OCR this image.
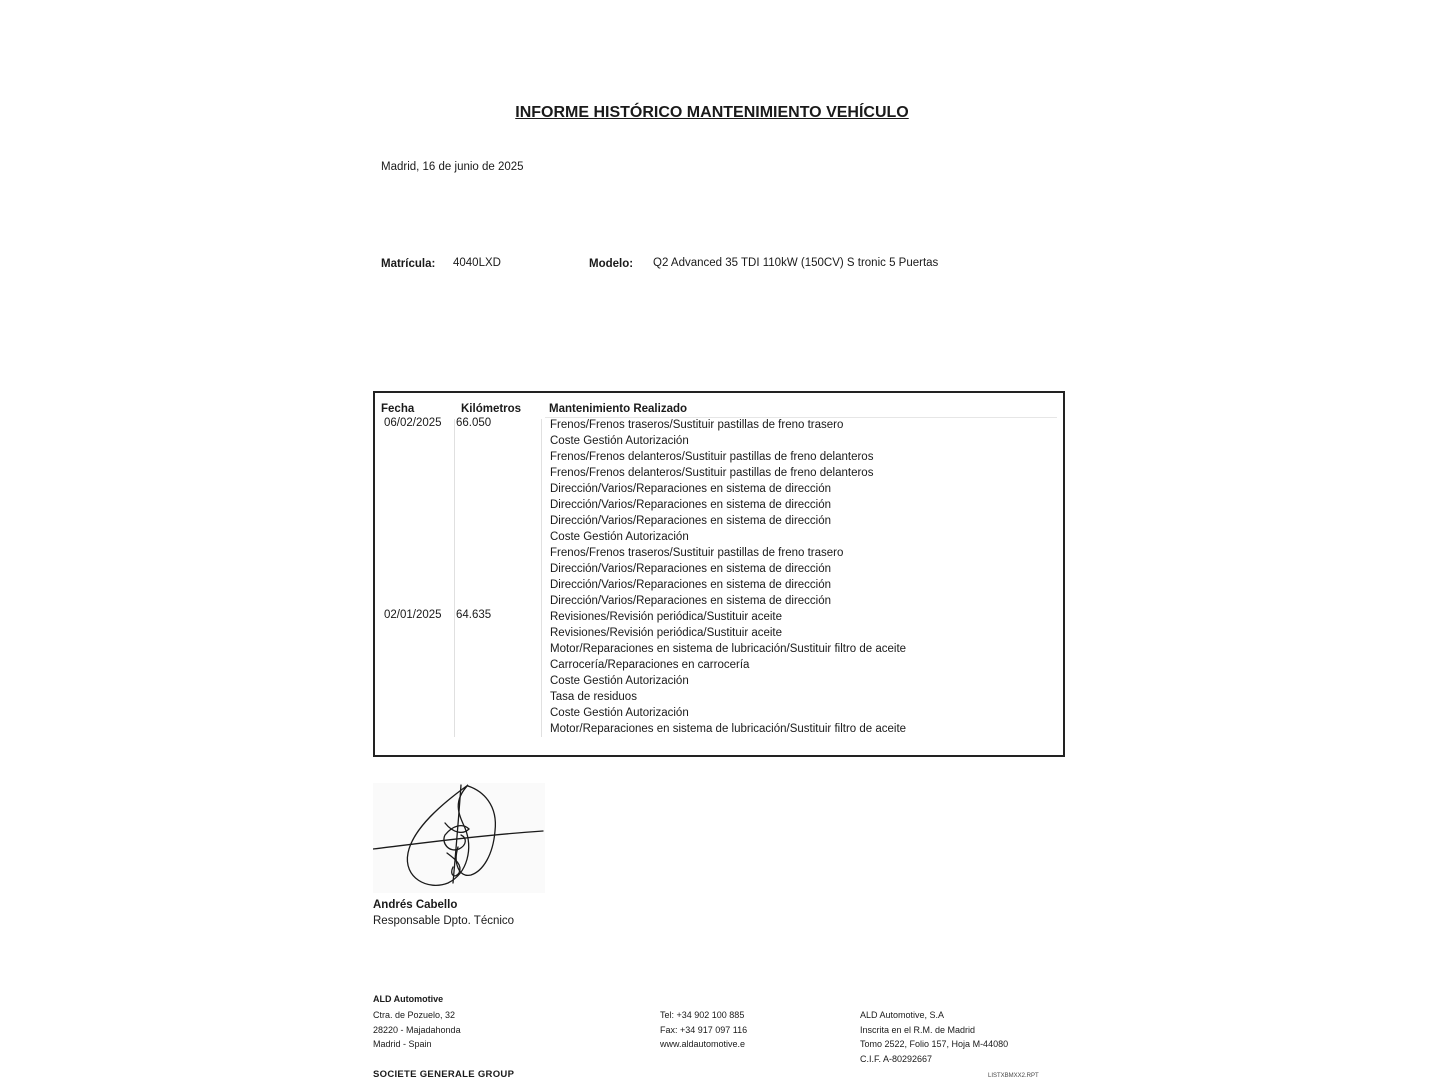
INFORME HISTÓRICO MANTENIMIENTO VEHÍCULO
Madrid, 16 de junio de 2025
Matrícula: 4040LXD	Modelo: Q2 Advanced 35 TDI 110kW (150CV) S tronic 5 Puertas
Fecha	Kilómetros Mantenimiento Realizado
06/02/2025 66.050
02/01/2025 64.635
Frenos/Frenos traseros/Sustituir pastillas de freno trasero
Coste Gestión Autorización
Frenos/Frenos delanteros/Sustituir pastillas de freno delanteros
Frenos/Frenos delanteros/Sustituir pastillas de freno delanteros
Dirección/Varios/Reparaciones en sistema de dirección
Dirección/Varios/Reparaciones en sistema de dirección
Dirección/Varios/Reparaciones en sistema de dirección
Coste Gestión Autorización
Frenos/Frenos traseros/Sustituir pastillas de freno trasero
Dirección/Varios/Reparaciones en sistema de dirección
Dirección/Varios/Reparaciones en sistema de dirección
Dirección/Varios/Reparaciones en sistema de dirección
Revisiones/Revisión periódica/Sustituir aceite
Revisiones/Revisión periódica/Sustituir aceite
Motor/Reparaciones en sistema de lubricación/Sustituir filtro de aceite
Carrocería/Reparaciones en carrocería
Coste Gestión Autorización
Tasa de residuos
Coste Gestión Autorización
Motor/Reparaciones en sistema de lubricación/Sustituir filtro de aceite
Andrés Cabello
Responsable Dpto. Técnico
ALD Automotive
Ctra. de Pozuelo, 32
28220 - Majadahonda
Madrid - Spain
Tel: +34 902 100 885
Fax: +34 917 097 116
www.aldautomotive.e
ALD Automotive, S.A
Inscrita en el R.M. de Madrid
Tomo 2522, Folio 157, Hoja M-44080
C.I.F. A-80292667
SOCIETE GENERALE GROUP	LISTXBMXX2.RPT
